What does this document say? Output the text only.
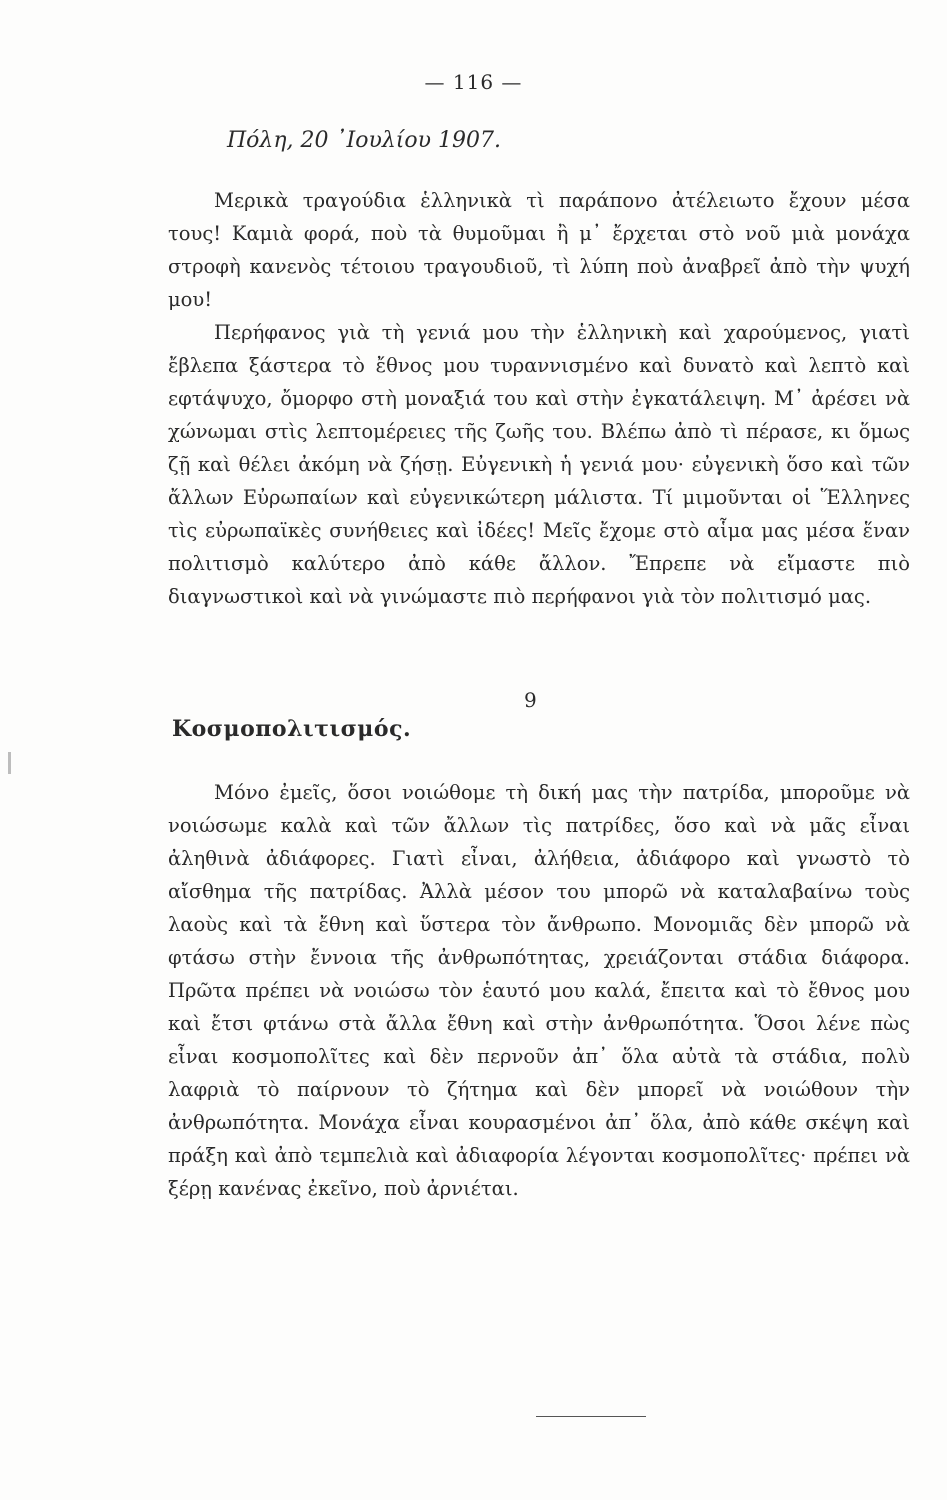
— 116 —
Πόλη, 20 ᾿Ιουλίου 1907.

Μερικὰ τραγούδια ἑλληνικὰ τὶ παράπονο ἀτέλειωτο ἔχουν μέσα τους! Καμιὰ φορά, ποὺ τὰ θυμοῦμαι ἢ μ᾿ ἔρχεται στὸ νοῦ μιὰ μονάχα στροφὴ κανενὸς τέτοιου τραγουδιοῦ, τὶ λύπη ποὺ ἀναβρεῖ ἀπὸ τὴν ψυχή μου!

Περήφανος γιὰ τὴ γενιά μου τὴν ἑλληνικὴ καὶ χαρούμενος, γιατὶ ἔβλεπα ξάστερα τὸ ἔθνος μου τυραννισμένο καὶ δυνατὸ καὶ λεπτὸ καὶ εφτάψυχο, ὄμορφο στὴ μοναξιά του καὶ στὴν ἐγκατάλειψη. Μ᾿ ἀρέσει νὰ χώνωμαι στὶς λεπτομέρειες τῆς ζωῆς του. Βλέπω ἀπὸ τὶ πέρασε, κι ὅμως ζῇ καὶ θέλει ἀκόμη νὰ ζήσῃ. Εὐγενικὴ ἡ γενιά μου· εὐγενικὴ ὅσο καὶ τῶν ἄλλων Εὐρωπαίων καὶ εὐγενικώτερη μάλιστα. Τί μιμοῦνται οἱ Ἕλληνες τὶς εὐρωπαϊκὲς συνήθειες καὶ ἰδέες! Μεῖς ἔχομε στὸ αἷμα μας μέσα ἕναν πολιτισμὸ καλύτερο ἀπὸ κάθε ἄλλον. Ἔπρεπε νὰ εἴμαστε πιὸ διαγνωστικοὶ καὶ νὰ γινώμαστε πιὸ περήφανοι γιὰ τὸν πολιτισμό μας.

9
Κοσμοπολιτισμός.

Μόνο ἐμεῖς, ὅσοι νοιώθομε τὴ δική μας τὴν πατρίδα, μποροῦμε νὰ νοιώσωμε καλὰ καὶ τῶν ἄλλων τὶς πατρίδες, ὅσο καὶ νὰ μᾶς εἶναι ἀληθινὰ ἀδιάφορες. Γιατὶ εἶναι, ἀλήθεια, ἀδιάφορο καὶ γνωστὸ τὸ αἴσθημα τῆς πατρίδας. Ἀλλὰ μέσον του μπορῶ νὰ καταλαβαίνω τοὺς λαοὺς καὶ τὰ ἔθνη καὶ ὕστερα τὸν ἄνθρωπο. Μονομιᾶς δὲν μπορῶ νὰ φτάσω στὴν ἔννοια τῆς ἀνθρωπότητας, χρειάζονται στάδια διάφορα. Πρῶτα πρέπει νὰ νοιώσω τὸν ἑαυτό μου καλά, ἔπειτα καὶ τὸ ἔθνος μου καὶ ἔτσι φτάνω στὰ ἄλλα ἔθνη καὶ στὴν ἀνθρωπότητα. Ὅσοι λένε πὼς εἶναι κοσμοπολῖτες καὶ δὲν περνοῦν ἀπ᾿ ὅλα αὐτὰ τὰ στάδια, πολὺ λαφριὰ τὸ παίρνουν τὸ ζήτημα καὶ δὲν μπορεῖ νὰ νοιώθουν τὴν ἀνθρωπότητα. Μονάχα εἶναι κουρασμένοι ἀπ᾿ ὅλα, ἀπὸ κάθε σκέψη καὶ πράξη καὶ ἀπὸ τεμπελιὰ καὶ ἀδιαφορία λέγονται κοσμοπολῖτες· πρέπει νὰ ξέρῃ κανένας ἐκεῖνο, ποὺ ἀρνιέται.
